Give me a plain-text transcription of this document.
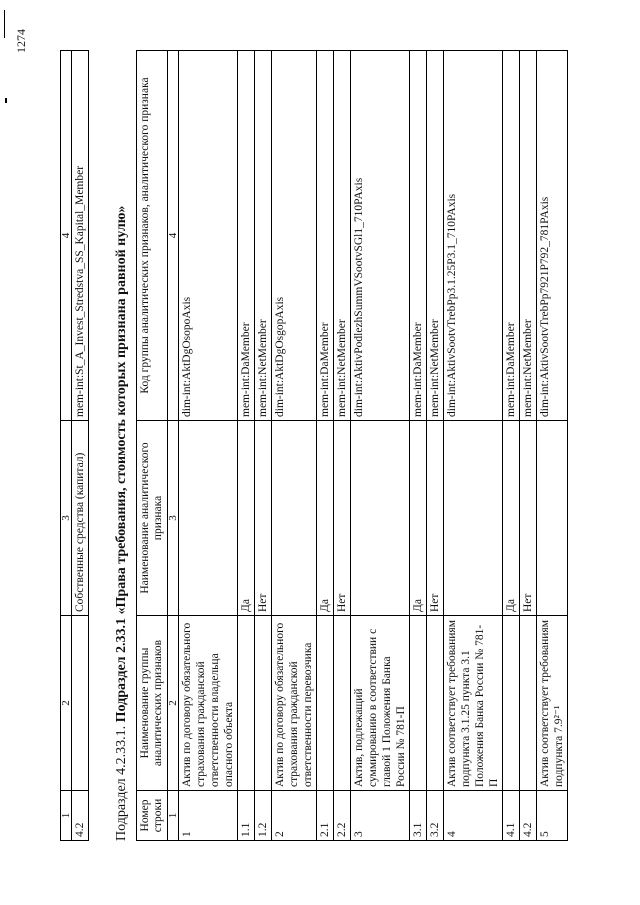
1274
1	2	3	4
4.2		Собственные средства (капитал)	mem-int:St_A_Invest_Stredstva_SS_Kapital_Member
Подраздел 4.2.33.1. Подраздел 2.33.1 «Права требования, стоимость которых признана равной нулю»
Номер строки	Наименование группы аналитических признаков	Наименование аналитического признака	Код группы аналитических признаков, аналитического признака
1	2	3	4
1	Актив по договору обязательного страхования гражданской ответственности владельца опасного объекта		dim-int:AktDgOsopoAxis
1.1		Да	mem-int:DaMember
1.2		Нет	mem-int:NetMember
2	Актив по договору обязательного страхования гражданской ответственности перевозчика		dim-int:AktDgOsgopAxis
2.1		Да	mem-int:DaMember
2.2		Нет	mem-int:NetMember
3	Актив, подлежащий суммированию в соответствии с главой 1 Положения Банка России № 781-П		dim-int:AktivPodlezhSummVSootvSGl1_710PAxis
3.1		Да	mem-int:DaMember
3.2		Нет	mem-int:NetMember
4	Актив соответствует требованиям подпункта 3.1.25 пункта 3.1 Положения Банка России № 781-П		dim-int:AktivSootvTrebPp3.1.25P3.1_710PAxis
4.1		Да	mem-int:DaMember
4.2		Нет	mem-int:NetMember
5	Актив соответствует требованиям подпункта 7.9²⁻¹		dim-int:AktivSootvTrebPp7921P792_781PAxis
